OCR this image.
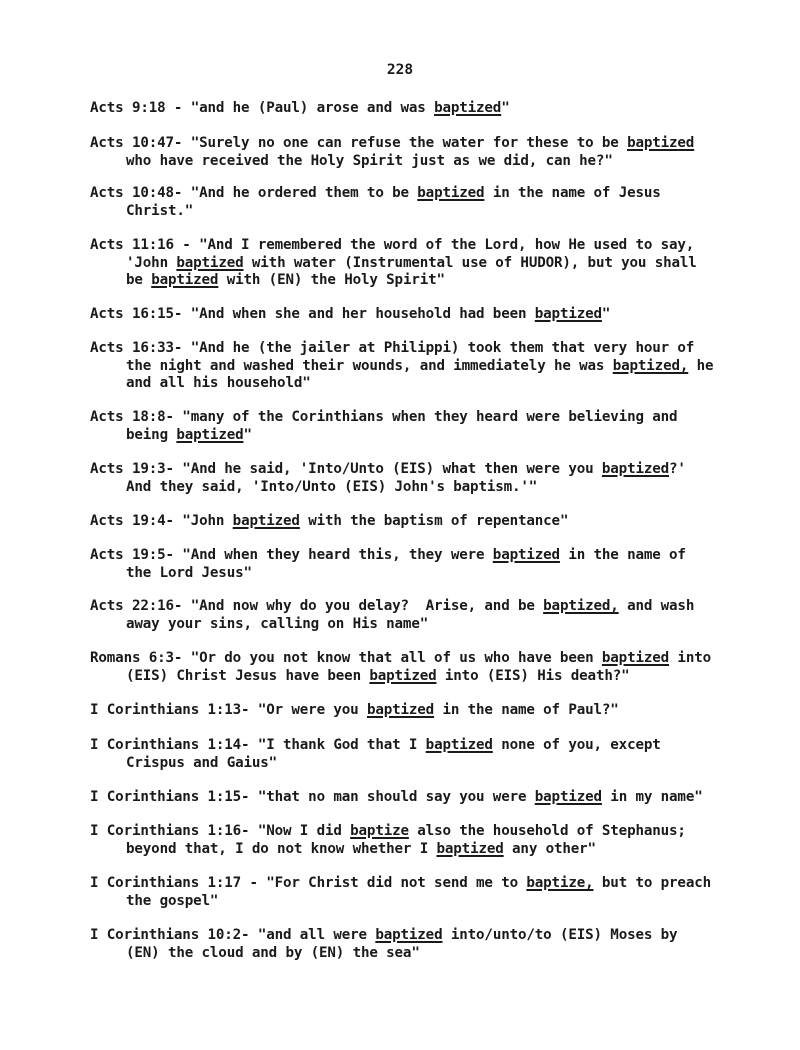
228
Acts 9:18 - "and he (Paul) arose and was baptized"
Acts 10:47- "Surely no one can refuse the water for these to be baptized
who have received the Holy Spirit just as we did, can he?"
Acts 10:48- "And he ordered them to be baptized in the name of Jesus
Christ."
Acts 11:16 - "And I remembered the word of the Lord, how He used to say,
'John baptized with water (Instrumental use of HUDOR), but you shall
be baptized with (EN) the Holy Spirit"
Acts 16:15- "And when she and her household had been baptized"
Acts 16:33- "And he (the jailer at Philippi) took them that very hour of
the night and washed their wounds, and immediately he was baptized, he
and all his household"
Acts 18:8- "many of the Corinthians when they heard were believing and
being baptized"
Acts 19:3- "And he said, 'Into/Unto (EIS) what then were you baptized?'
And they said, 'Into/Unto (EIS) John's baptism.'"
Acts 19:4- "John baptized with the baptism of repentance"
Acts 19:5- "And when they heard this, they were baptized in the name of
the Lord Jesus"
Acts 22:16- "And now why do you delay?  Arise, and be baptized, and wash
away your sins, calling on His name"
Romans 6:3- "Or do you not know that all of us who have been baptized into
(EIS) Christ Jesus have been baptized into (EIS) His death?"
I Corinthians 1:13- "Or were you baptized in the name of Paul?"
I Corinthians 1:14- "I thank God that I baptized none of you, except
Crispus and Gaius"
I Corinthians 1:15- "that no man should say you were baptized in my name"
I Corinthians 1:16- "Now I did baptize also the household of Stephanus;
beyond that, I do not know whether I baptized any other"
I Corinthians 1:17 - "For Christ did not send me to baptize, but to preach
the gospel"
I Corinthians 10:2- "and all were baptized into/unto/to (EIS) Moses by
(EN) the cloud and by (EN) the sea"
